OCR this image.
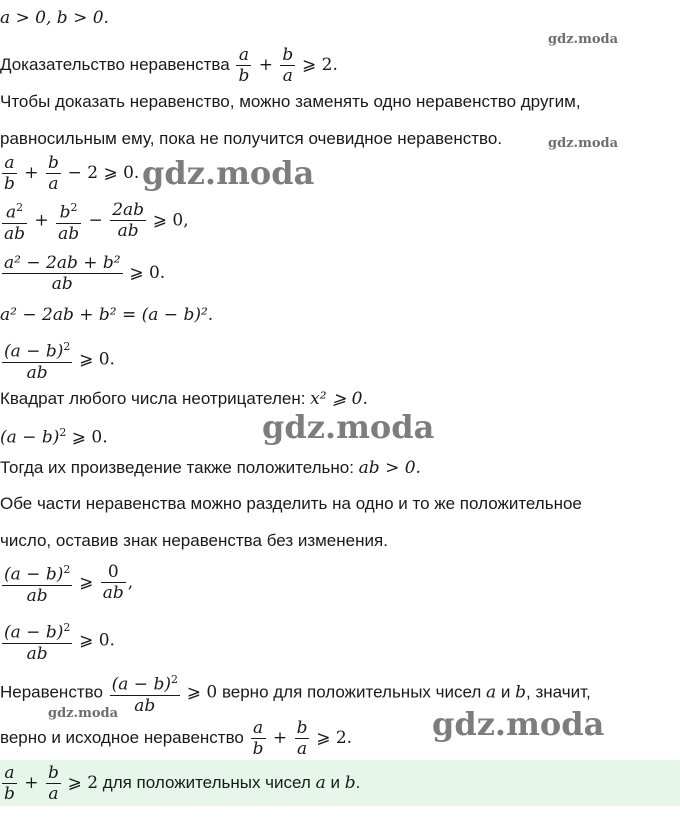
a > 0, b > 0.
Доказательство неравенства $\frac{a}{b} + \frac{b}{a}$ ⩾ 2.
Чтобы доказать неравенство, можно заменять одно неравенство другим,
равносильным ему, пока не получится очевидное неравенство.
$\frac{a}{b} + \frac{b}{a} - 2$ ⩾ 0.
$\frac{a^2}{ab} + \frac{b^2}{ab} - \frac{2ab}{ab}$ ⩾ 0,
$\frac{\text{a² − 2ab + b²}}{ab}$ ⩾ 0.
a² − 2ab + b² = (a − b)².
$\frac{(a - b)^2}{ab}$ ⩾ 0.
Квадрат любого числа неотрицателен: x² ⩾ 0.
$(a - b)^2$ ⩾ 0.
Тогда их произведение также положительно: ab > 0.
Обе части неравенства можно разделить на одно и то же положительное
число, оставив знак неравенства без изменения.
$\frac{(a - b)^2}{ab}$ ⩾ $\frac{0}{ab}$ ,
$\frac{(a - b)^2}{ab}$ ⩾ 0.
Неравенство $\frac{(a - b)^2}{ab}$ ⩾ 0 верно для положительных чисел a и b, значит,
верно и исходное неравенство $\frac{a}{b} + \frac{b}{a}$ ⩾ 2.
$\frac{a}{b} + \frac{b}{a}$ ⩾ 2 для положительных чисел a и b.
gdz.moda
gdz.moda
gdz.moda
gdz.moda
gdz.moda	gdz.moda
